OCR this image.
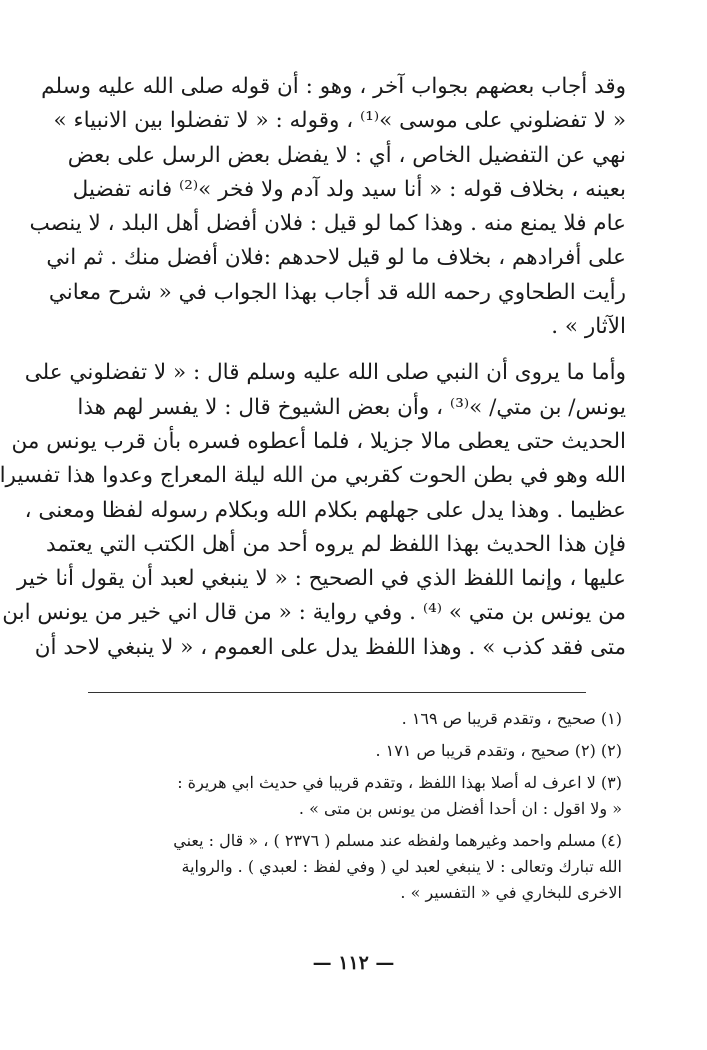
وقد أجاب بعضهم بجواب آخر ، وهو : أن قوله صلى الله عليه وسلم
« لا تفضلوني على موسى »⁽¹⁾ ، وقوله : « لا تفضلوا بين الانبياء »
نهي عن التفضيل الخاص ، أي : لا يفضل بعض الرسل على بعض
بعينه ، بخلاف قوله : « أنا سيد ولد آدم ولا فخر »⁽²⁾ فانه تفضيل
عام فلا يمنع منه . وهذا كما لو قيل : فلان أفضل أهل البلد ، لا ينصب
على أفرادهم ، بخلاف ما لو قيل لاحدهم :فلان أفضل منك . ثم اني
رأيت الطحاوي رحمه الله قد أجاب بهذا الجواب في « شرح معاني
الآثار » .

وأما ما يروى أن النبي صلى الله عليه وسلم قال : « لا تفضلوني على
يونس/ بن متي/ »⁽³⁾ ، وأن بعض الشيوخ قال : لا يفسر لهم هذا
الحديث حتى يعطى مالا جزيلا ، فلما أعطوه فسره بأن قرب يونس من
الله وهو في بطن الحوت كقربي من الله ليلة المعراج وعدوا هذا تفسيرا
عظيما . وهذا يدل على جهلهم بكلام الله وبكلام رسوله لفظا ومعنى ،
فإن هذا الحديث بهذا اللفظ لم يروه أحد من أهل الكتب التي يعتمد
عليها ، وإنما اللفظ الذي في الصحيح : « لا ينبغي لعبد أن يقول أنا خير
من يونس بن متي » ⁽⁴⁾ . وفي رواية : « من قال اني خير من يونس ابن
متى فقد كذب » . وهذا اللفظ يدل على العموم ، « لا ينبغي لاحد أن

(١) صحيح ، وتقدم قريبا ص ١٦٩ .

(٢) (٢) صحيح ، وتقدم قريبا ص ١٧١ .

(٣) لا اعرف له أصلا بهذا اللفظ ، وتقدم قريبا في حديث ابي هريرة :
« ولا اقول : ان أحدا أفضل من يونس بن متى » .

(٤) مسلم واحمد وغيرهما ولفظه عند مسلم ( ٢٣٧٦ ) ، « قال : يعني
الله تبارك وتعالى : لا ينبغي لعبد لي ( وفي لفظ : لعبدي ) . والرواية
الاخرى للبخاري في « التفسير » .

— ١١٢ —
